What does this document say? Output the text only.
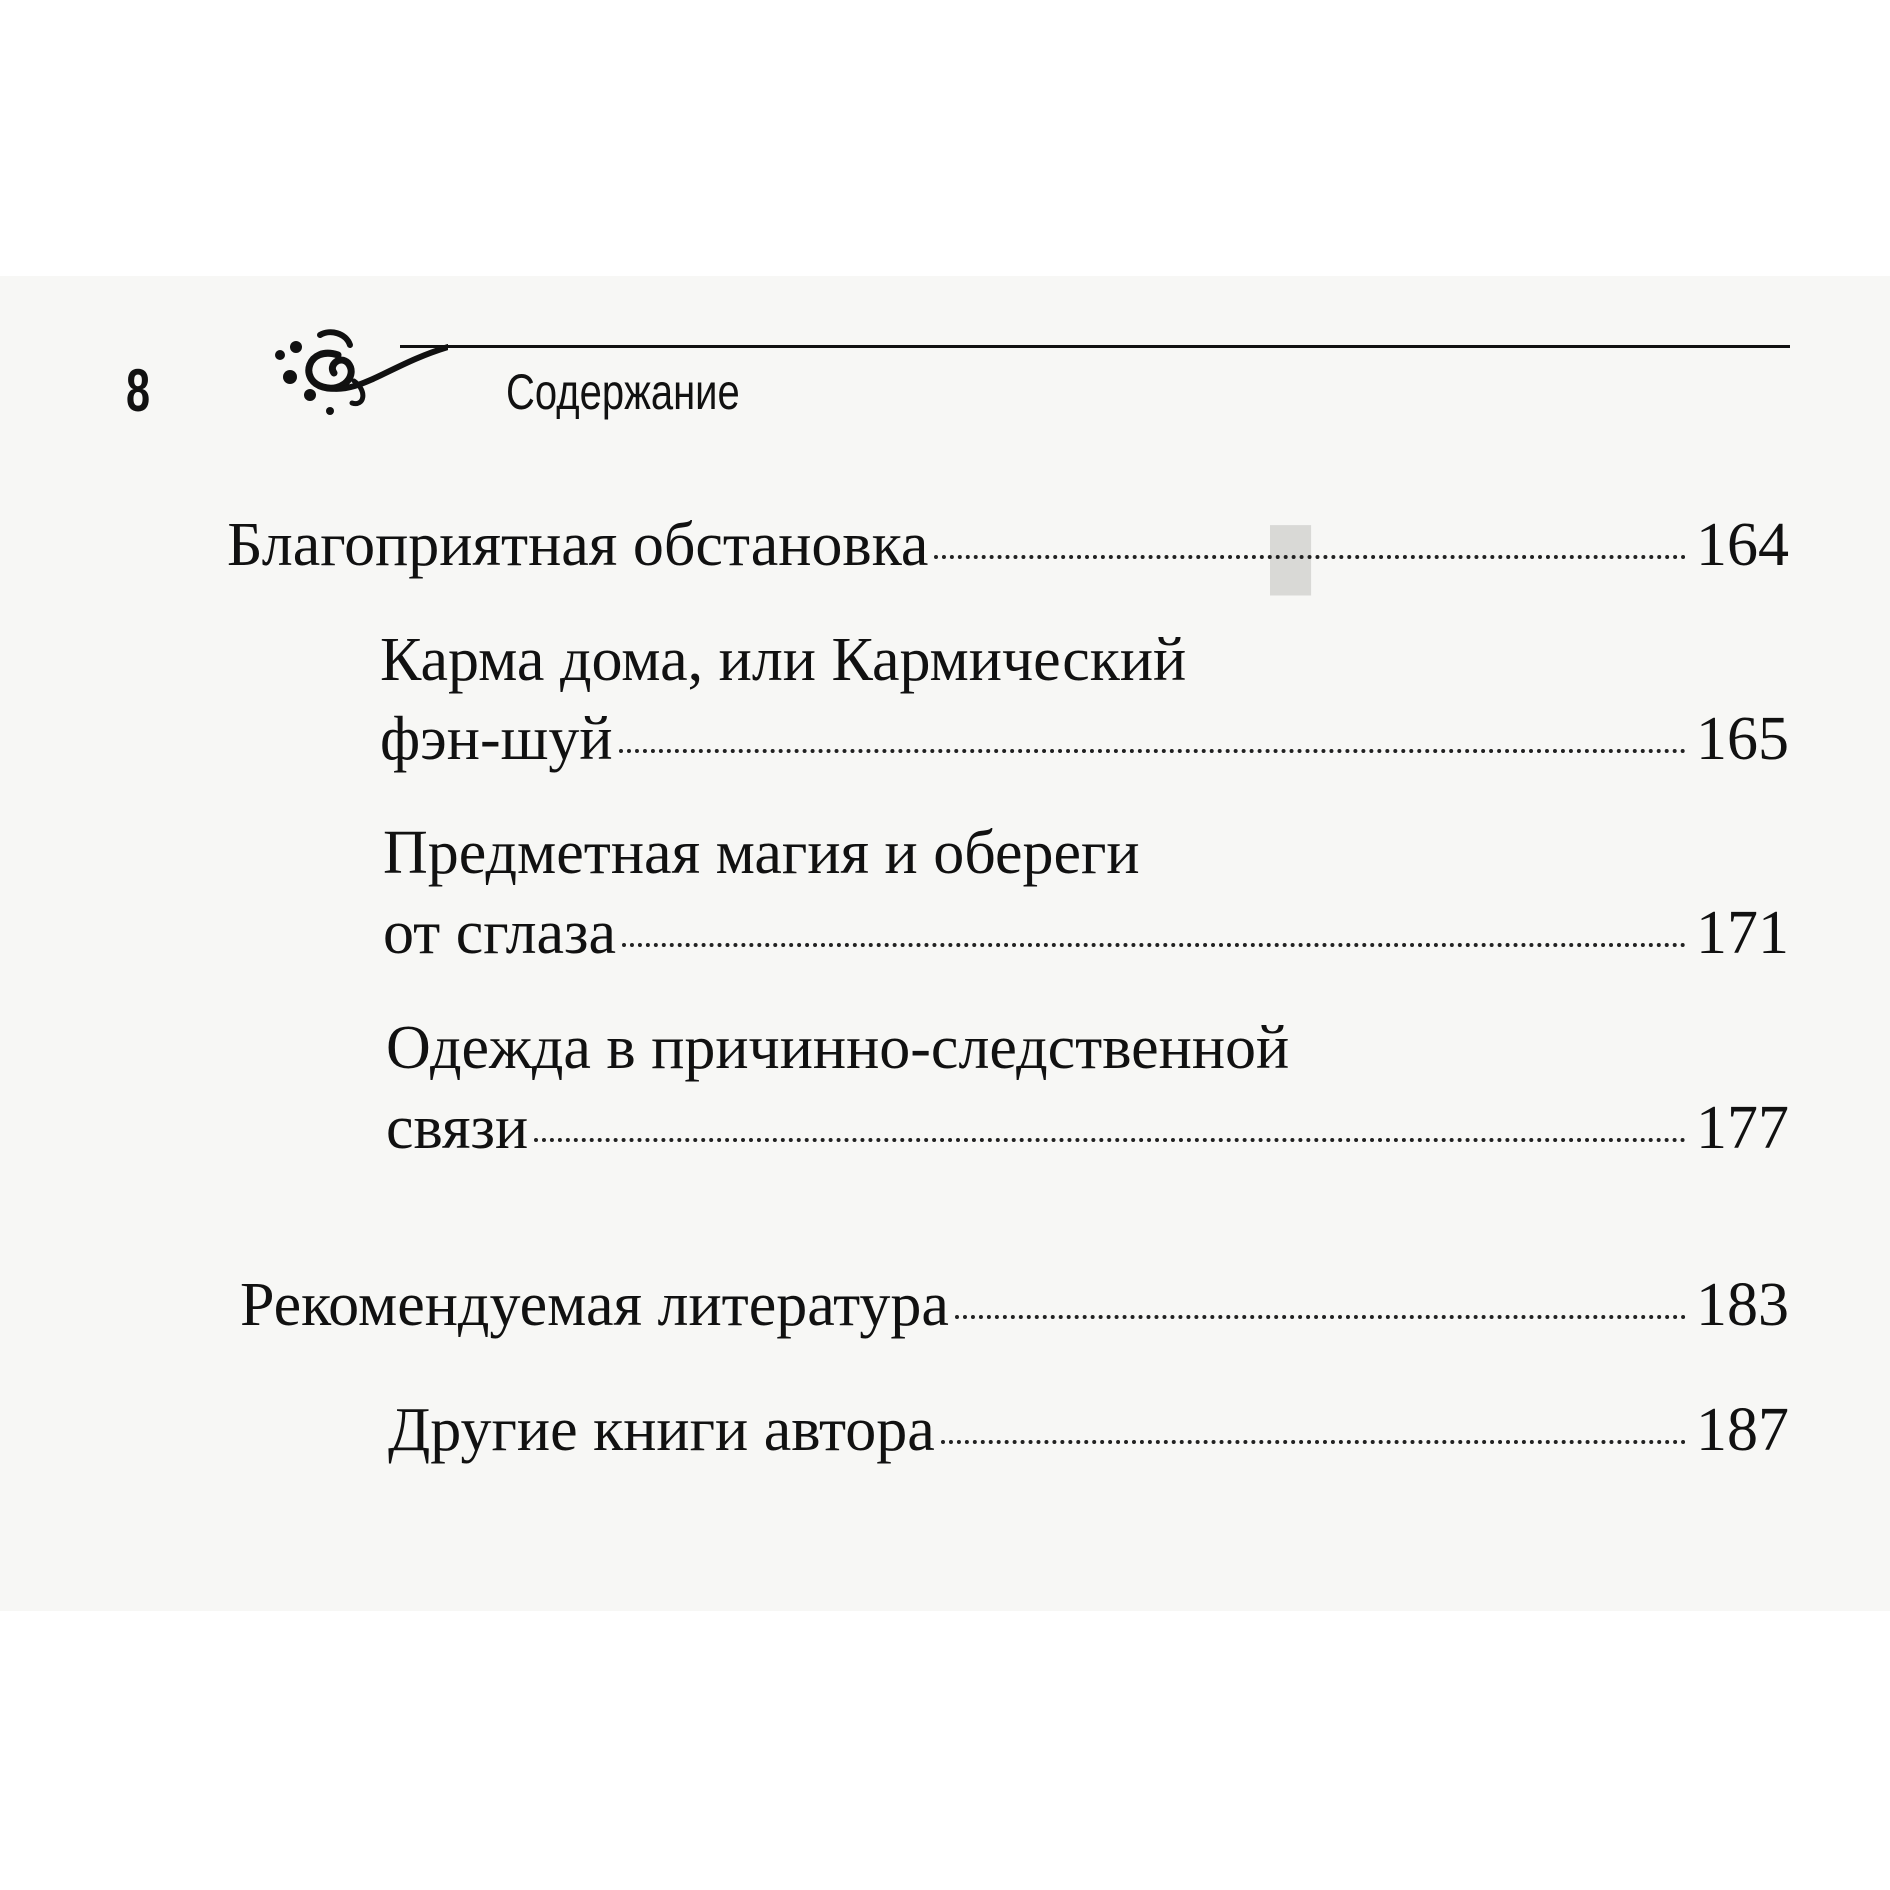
█
8	Содержание
Благоприятная обстановка	164
Карма дома, или Кармический
фэн-шуй	165
Предметная магия и обереги
от сглаза	171
Одежда в причинно-следственной
связи	177
Рекомендуемая литература	183
Другие книги автора	187
